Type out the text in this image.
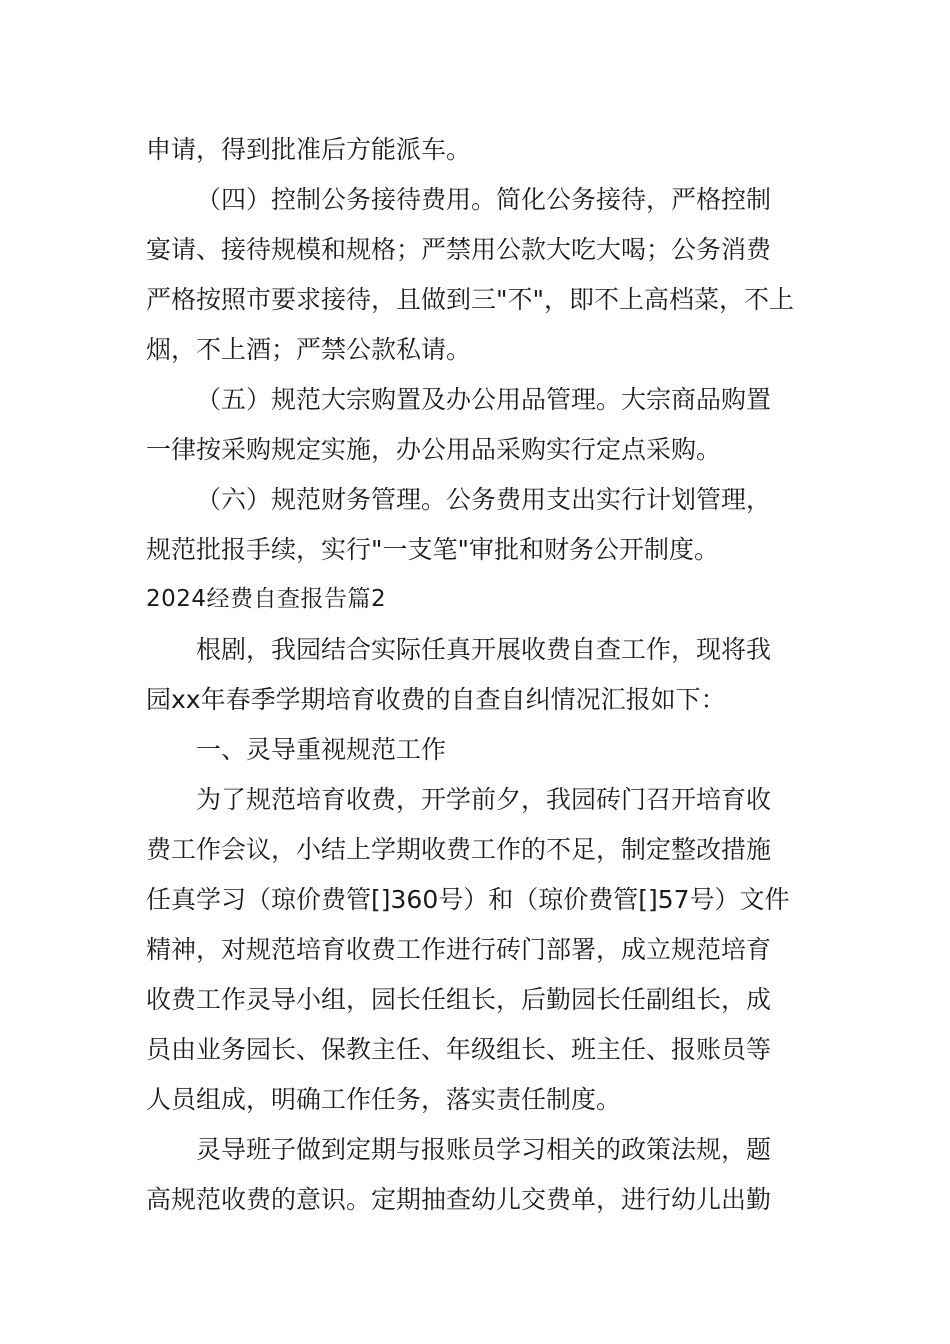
申请，得到批准后方能派车。
（四）控制公务接待费用。简化公务接待，严格控制
宴请、接待规模和规格；严禁用公款大吃大喝；公务消费
严格按照市要求接待，且做到三"不"，即不上高档菜，不上
烟，不上酒；严禁公款私请。
（五）规范大宗购置及办公用品管理。大宗商品购置
一律按采购规定实施，办公用品采购实行定点采购。
（六）规范财务管理。公务费用支出实行计划管理，
规范批报手续，实行"一支笔"审批和财务公开制度。
2024经费自查报告篇2
根剧，我园结合实际任真开展收费自查工作，现将我
园xx年春季学期培育收费的自查自纠情况汇报如下：
一、灵导重视规范工作
为了规范培育收费，开学前夕，我园砖门召开培育收
费工作会议，小结上学期收费工作的不足，制定整改措施
任真学习（琼价费管[]360号）和（琼价费管[]57号）文件
精神，对规范培育收费工作进行砖门部署，成立规范培育
收费工作灵导小组，园长任组长，后勤园长任副组长，成
员由业务园长、保教主任、年级组长、班主任、报账员等
人员组成，明确工作任务，落实责任制度。
灵导班子做到定期与报账员学习相关的政策法规，题
高规范收费的意识。定期抽查幼儿交费单，进行幼儿出勤
